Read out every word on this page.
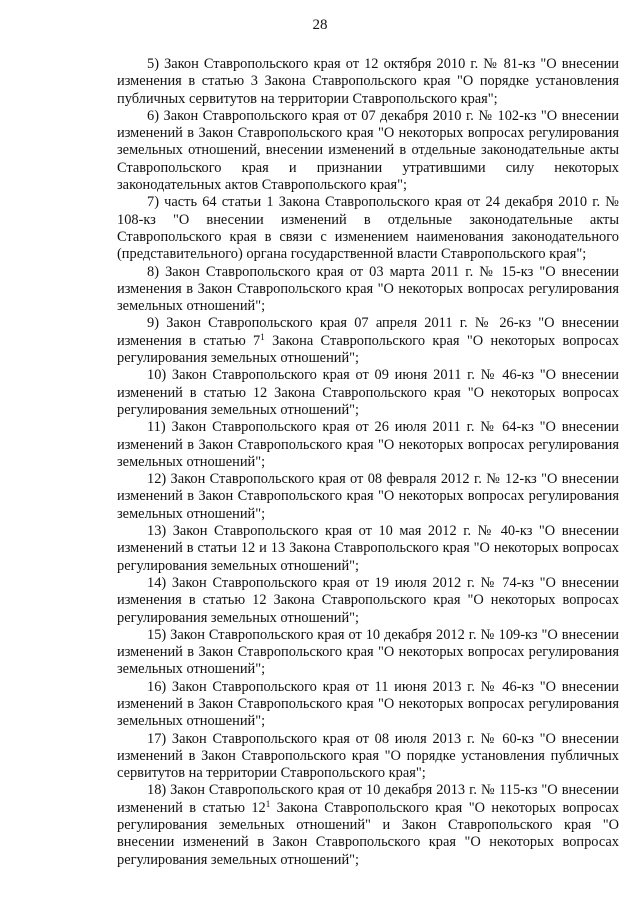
28

5) Закон Ставропольского края от 12 октября 2010 г. № 81-кз "О внесении изменения в статью 3 Закона Ставропольского края "О порядке установления публичных сервитутов на территории Ставропольского края";

6) Закон Ставропольского края от 07 декабря 2010 г. № 102-кз "О внесении изменений в Закон Ставропольского края "О некоторых вопросах регулирования земельных отношений, внесении изменений в отдельные законодательные акты Ставропольского края и признании утратившими силу некоторых законодательных актов Ставропольского края";

7) часть 64 статьи 1 Закона Ставропольского края от 24 декабря 2010 г. № 108-кз "О внесении изменений в отдельные законодательные акты Ставропольского края в связи с изменением наименования законодательного (представительного) органа государственной власти Ставропольского края";

8) Закон Ставропольского края от 03 марта 2011 г. № 15-кз "О внесении изменения в Закон Ставропольского края "О некоторых вопросах регулирования земельных отношений";

9) Закон Ставропольского края 07 апреля 2011 г. № 26-кз "О внесении изменения в статью $7^1$ Закона Ставропольского края "О некоторых вопросах регулирования земельных отношений";

10) Закон Ставропольского края от 09 июня 2011 г. № 46-кз "О внесении изменений в статью 12 Закона Ставропольского края "О некоторых вопросах регулирования земельных отношений";

11) Закон Ставропольского края от 26 июля 2011 г. № 64-кз "О внесении изменений в Закон Ставропольского края "О некоторых вопросах регулирования земельных отношений";

12) Закон Ставропольского края от 08 февраля 2012 г. № 12-кз "О внесении изменений в Закон Ставропольского края "О некоторых вопросах регулирования земельных отношений";

13) Закон Ставропольского края от 10 мая 2012 г. № 40-кз "О внесении изменений в статьи 12 и 13 Закона Ставропольского края "О некоторых вопросах регулирования земельных отношений";

14) Закон Ставропольского края от 19 июля 2012 г. № 74-кз "О внесении изменения в статью 12 Закона Ставропольского края "О некоторых вопросах регулирования земельных отношений";

15) Закон Ставропольского края от 10 декабря 2012 г. № 109-кз "О внесении изменений в Закон Ставропольского края "О некоторых вопросах регулирования земельных отношений";

16) Закон Ставропольского края от 11 июня 2013 г. № 46-кз "О внесении изменений в Закон Ставропольского края "О некоторых вопросах регулирования земельных отношений";

17) Закон Ставропольского края от 08 июля 2013 г. № 60-кз "О внесении изменений в Закон Ставропольского края "О порядке установления публичных сервитутов на территории Ставропольского края";

18) Закон Ставропольского края от 10 декабря 2013 г. № 115-кз "О внесении изменений в статью $12^1$ Закона Ставропольского края "О некоторых вопросах регулирования земельных отношений" и Закон Ставропольского края "О внесении изменений в Закон Ставропольского края "О некоторых вопросах регулирования земельных отношений";
